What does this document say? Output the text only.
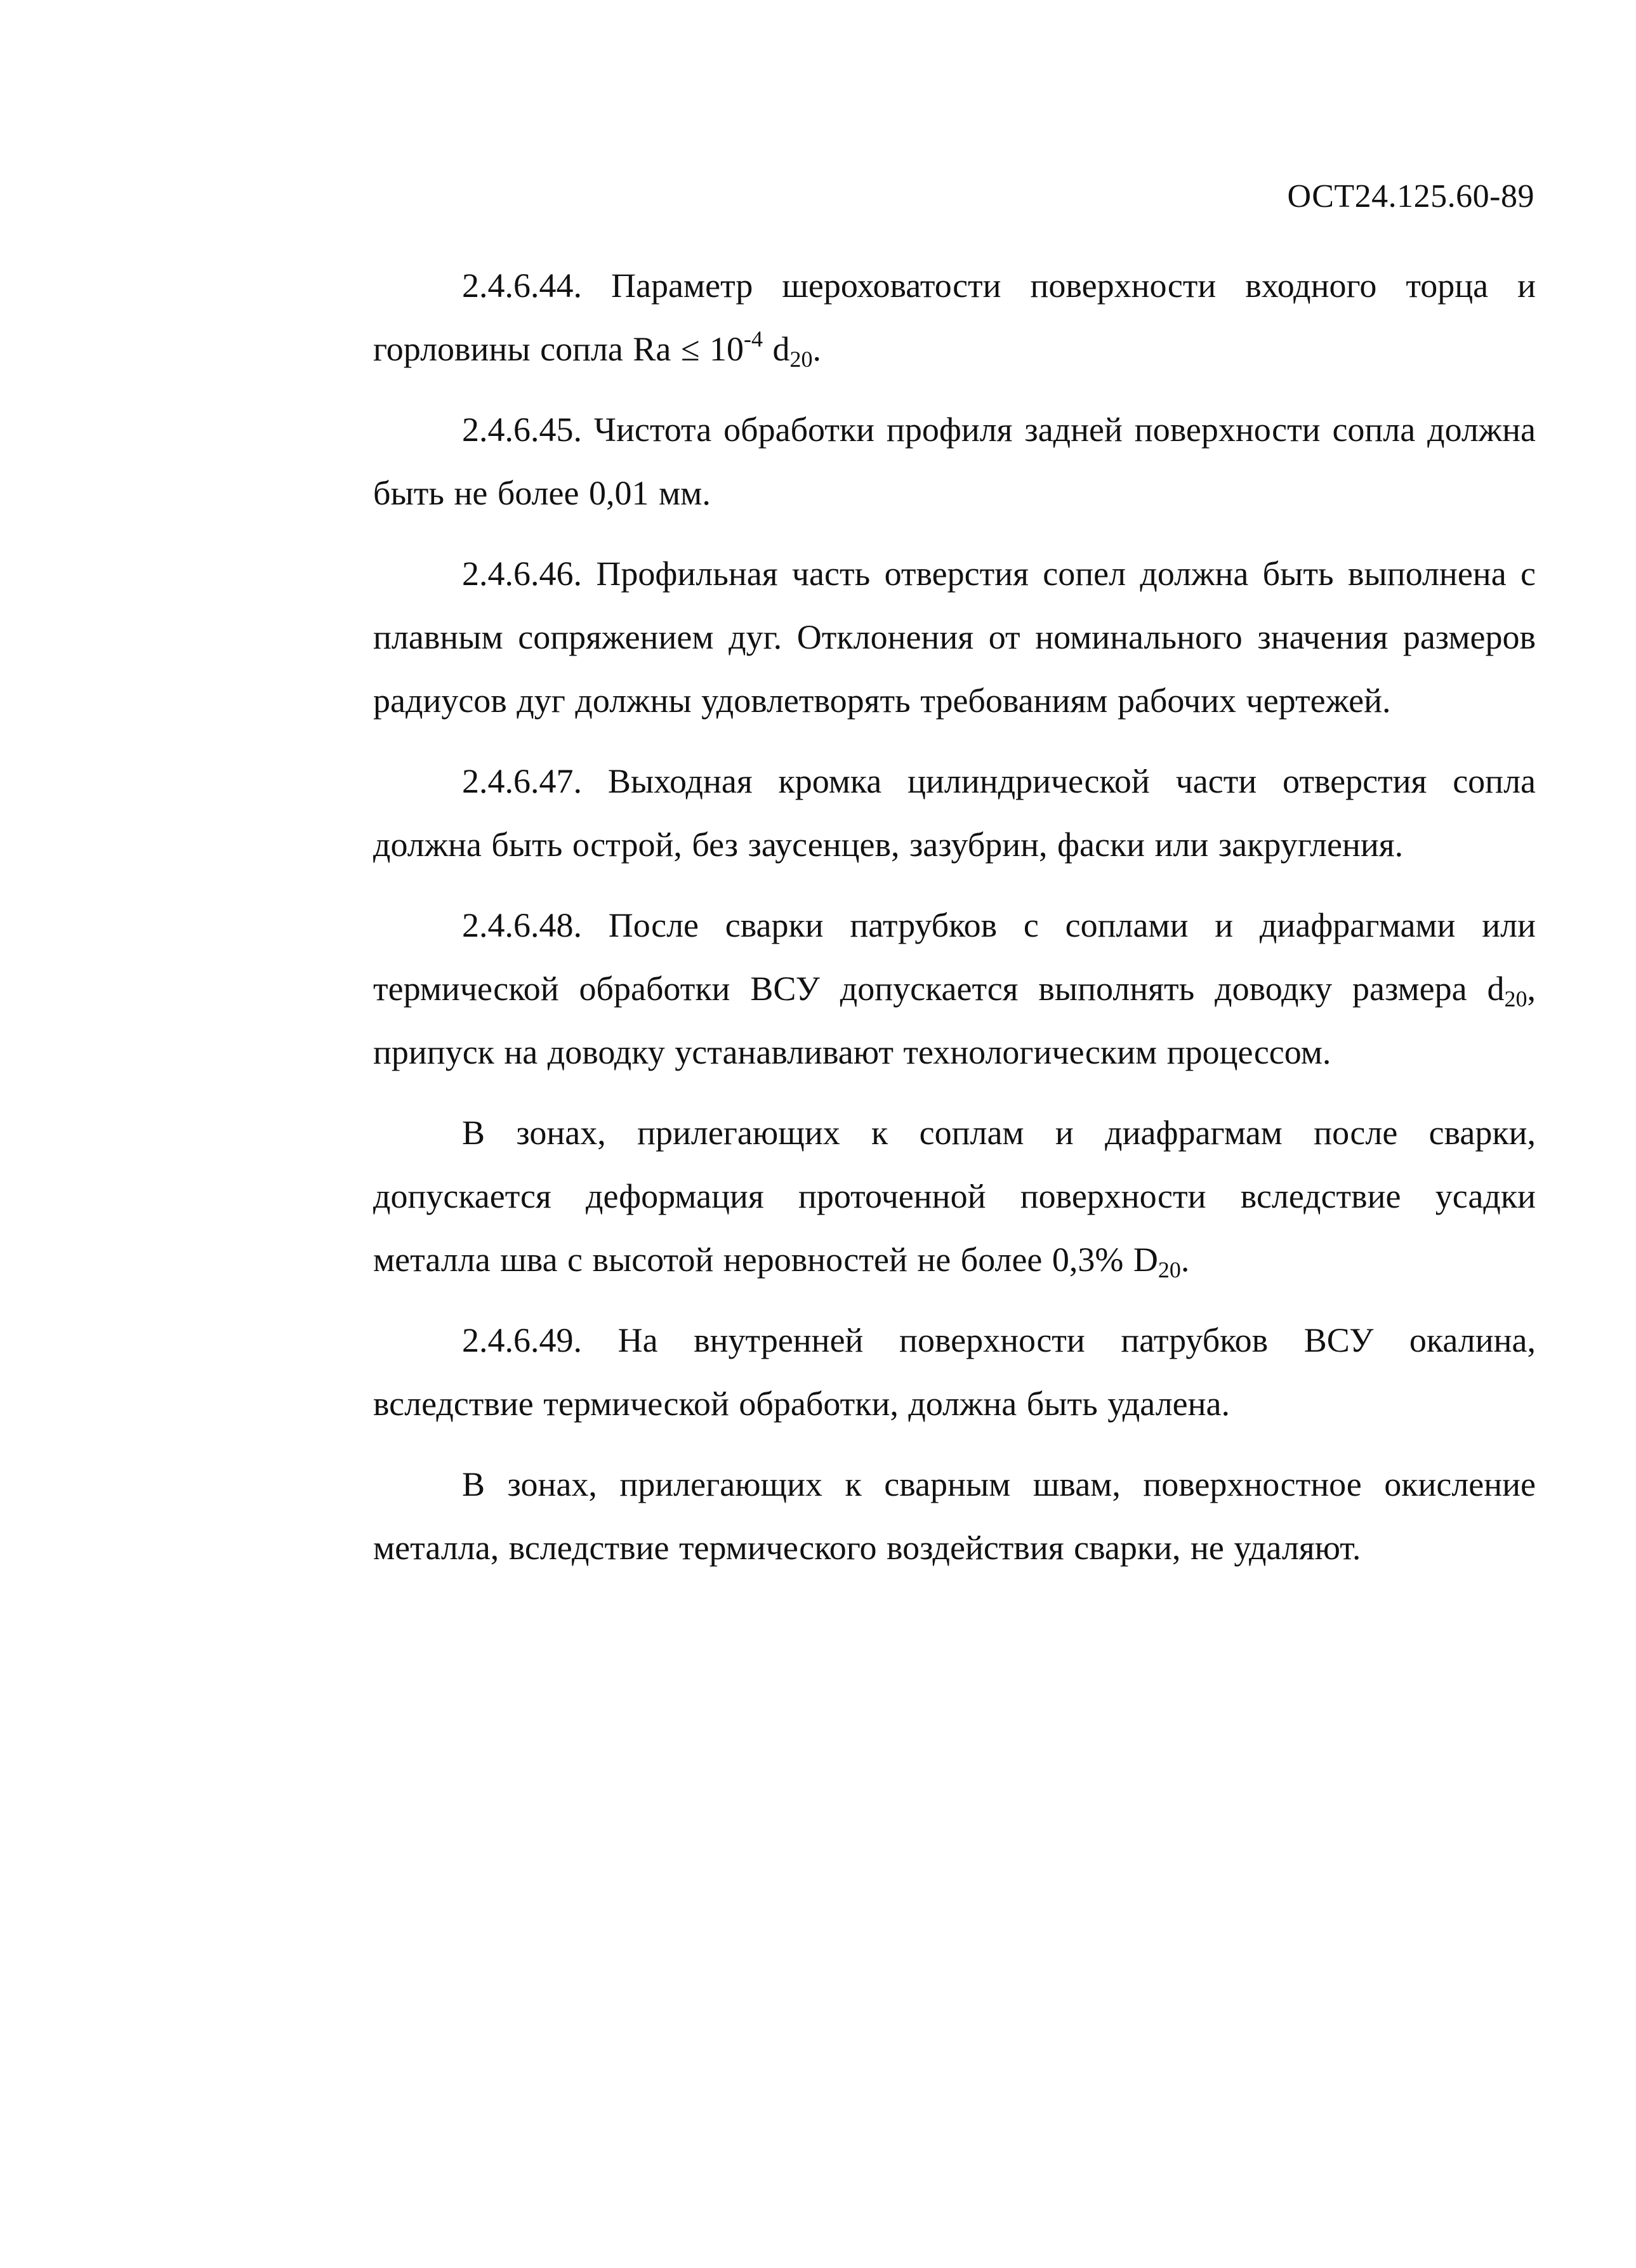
ОСТ24.125.60-89

2.4.6.44. Параметр шероховатости поверхности входного торца и горловины сопла $Ra \le 10^{-4}$ $d_{20}$.

2.4.6.45. Чистота обработки профиля задней поверхности сопла должна быть не более 0,01 мм.

2.4.6.46. Профильная часть отверстия сопел должна быть выполнена с плавным сопряжением дуг. Отклонения от номинального значения размеров радиусов дуг должны удовлетворять требованиям рабочих чертежей.

2.4.6.47. Выходная кромка цилиндрической части отверстия сопла должна быть острой, без заусенцев, зазубрин, фаски или закругления.

2.4.6.48. После сварки патрубков с соплами и диафрагмами или термической обработки ВСУ допускается выполнять доводку размера $d_{20}$, припуск на доводку устанавливают технологическим процессом.

В зонах, прилегающих к соплам и диафрагмам после сварки, допускается деформация проточенной поверхности вследствие усадки металла шва с высотой неровностей не более 0,3% $D_{20}$.

2.4.6.49. На внутренней поверхности патрубков ВСУ окалина, вследствие термической обработки, должна быть удалена.

В зонах, прилегающих к сварным швам, поверхностное окисление металла, вследствие термического воздействия сварки, не удаляют.
